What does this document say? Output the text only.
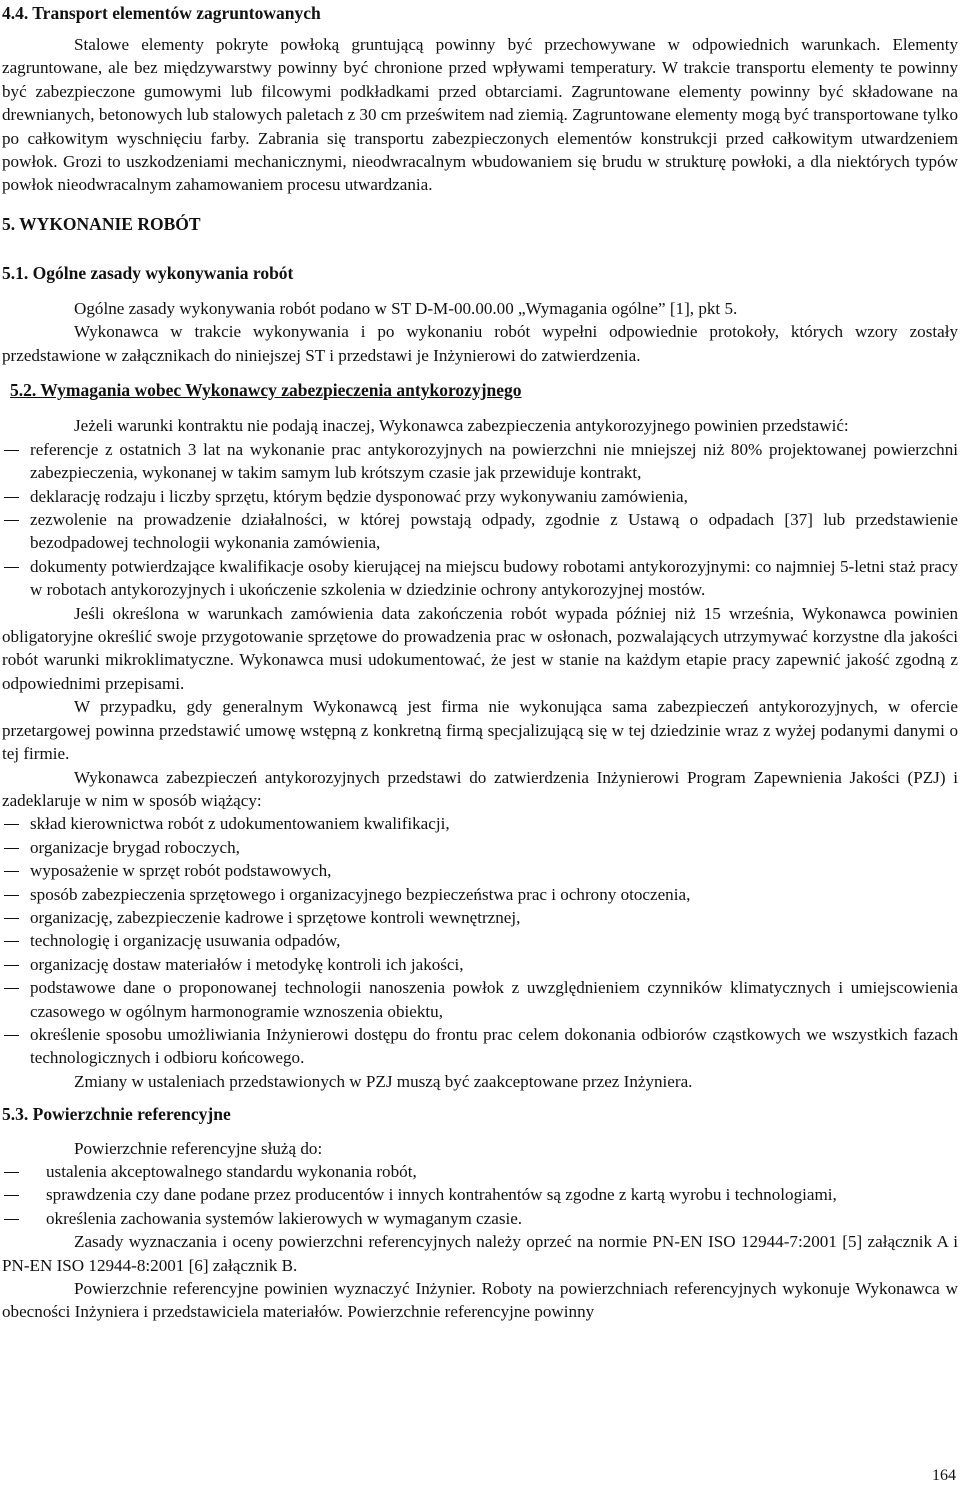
4.4. Transport elementów zagruntowanych

Stalowe elementy pokryte powłoką gruntującą powinny być przechowywane w odpowiednich warunkach. Elementy zagruntowane, ale bez międzywarstwy powinny być chronione przed wpływami temperatury. W trakcie transportu elementy te powinny być zabezpieczone gumowymi lub filcowymi podkładkami przed obtarciami. Zagruntowane elementy powinny być składowane na drewnianych, betonowych lub stalowych paletach z 30 cm prześwitem nad ziemią. Zagruntowane elementy mogą być transportowane tylko po całkowitym wyschnięciu farby. Zabrania się transportu zabezpieczonych elementów konstrukcji przed całkowitym utwardzeniem powłok. Grozi to uszkodzeniami mechanicznymi, nieodwracalnym wbudowaniem się brudu w strukturę powłoki, a dla niektórych typów powłok nieodwracalnym zahamowaniem procesu utwardzania.

5. WYKONANIE ROBÓT
5.1. Ogólne zasady wykonywania robót

Ogólne zasady wykonywania robót podano w ST D-M-00.00.00 „Wymagania ogólne” [1], pkt 5.

Wykonawca w trakcie wykonywania i po wykonaniu robót wypełni odpowiednie protokoły, których wzory zostały przedstawione w załącznikach do niniejszej ST i przedstawi je Inżynierowi do zatwierdzenia.

5.2. Wymagania wobec Wykonawcy zabezpieczenia antykorozyjnego

Jeżeli warunki kontraktu nie podają inaczej, Wykonawca zabezpieczenia antykorozyjnego powinien przedstawić:

referencje z ostatnich 3 lat na wykonanie prac antykorozyjnych na powierzchni nie mniejszej niż 80% projektowanej powierzchni zabezpieczenia, wykonanej w takim samym lub krótszym czasie jak przewiduje kontrakt,
deklarację rodzaju i liczby sprzętu, którym będzie dysponować przy wykonywaniu zamówienia,
zezwolenie na prowadzenie działalności, w której powstają odpady, zgodnie z Ustawą o odpadach [37] lub przedstawienie bezodpadowej technologii wykonania zamówienia,
dokumenty potwierdzające kwalifikacje osoby kierującej na miejscu budowy robotami antykorozyjnymi: co najmniej 5-letni staż pracy w robotach antykorozyjnych i ukończenie szkolenia w dziedzinie ochrony antykorozyjnej mostów.

Jeśli określona w warunkach zamówienia data zakończenia robót wypada później niż 15 września, Wykonawca powinien obligatoryjne określić swoje przygotowanie sprzętowe do prowadzenia prac w osłonach, pozwalających utrzymywać korzystne dla jakości robót warunki mikroklimatyczne. Wykonawca musi udokumentować, że jest w stanie na każdym etapie pracy zapewnić jakość zgodną z odpowiednimi przepisami.

W przypadku, gdy generalnym Wykonawcą jest firma nie wykonująca sama zabezpieczeń antykorozyjnych, w ofercie przetargowej powinna przedstawić umowę wstępną z konkretną firmą specjalizującą się w tej dziedzinie wraz z wyżej podanymi danymi o tej firmie.

Wykonawca zabezpieczeń antykorozyjnych przedstawi do zatwierdzenia Inżynierowi Program Zapewnienia Jakości (PZJ) i zadeklaruje w nim w sposób wiążący:

skład kierownictwa robót z udokumentowaniem kwalifikacji,
organizacje brygad roboczych,
wyposażenie w sprzęt robót podstawowych,
sposób zabezpieczenia sprzętowego i organizacyjnego bezpieczeństwa prac i ochrony otoczenia,
organizację, zabezpieczenie kadrowe i sprzętowe kontroli wewnętrznej,
technologię i organizację usuwania odpadów,
organizację dostaw materiałów i metodykę kontroli ich jakości,
podstawowe dane o proponowanej technologii nanoszenia powłok z uwzględnieniem czynników klimatycznych i umiejscowienia czasowego w ogólnym harmonogramie wznoszenia obiektu,
określenie sposobu umożliwiania Inżynierowi dostępu do frontu prac celem dokonania odbiorów cząstkowych we wszystkich fazach technologicznych i odbioru końcowego.

Zmiany w ustaleniach przedstawionych w PZJ muszą być zaakceptowane przez Inżyniera.

5.3. Powierzchnie referencyjne

Powierzchnie referencyjne służą do:

ustalenia akceptowalnego standardu wykonania robót,
sprawdzenia czy dane podane przez producentów i innych kontrahentów są zgodne z kartą wyrobu i technologiami,
określenia zachowania systemów lakierowych w wymaganym czasie.

Zasady wyznaczania i oceny powierzchni referencyjnych należy oprzeć na normie PN-EN ISO 12944-7:2001 [5] załącznik A i PN-EN ISO 12944-8:2001 [6] załącznik B.

Powierzchnie referencyjne powinien wyznaczyć Inżynier. Roboty na powierzchniach referencyjnych wykonuje Wykonawca w obecności Inżyniera i przedstawiciela materiałów. Powierzchnie referencyjne powinny

164
